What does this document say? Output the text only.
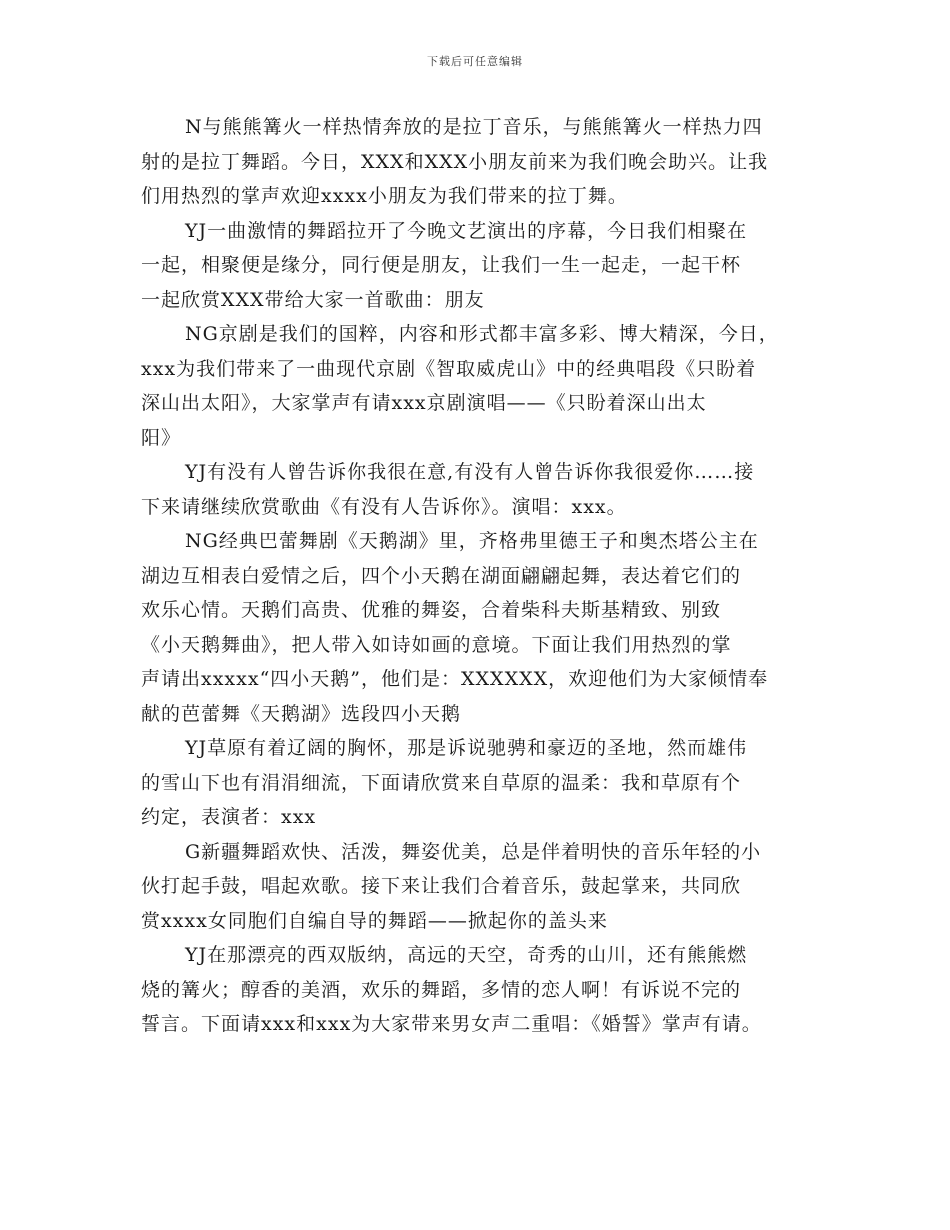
下载后可任意编辑

N与熊熊篝火一样热情奔放的是拉丁音乐，与熊熊篝火一样热力四
射的是拉丁舞蹈。今日，XXX和XXX小朋友前来为我们晚会助兴。让我
们用热烈的掌声欢迎xxxx小朋友为我们带来的拉丁舞。

YJ一曲激情的舞蹈拉开了今晚文艺演出的序幕，今日我们相聚在
一起，相聚便是缘分，同行便是朋友，让我们一生一起走，一起干杯
一起欣赏XXX带给大家一首歌曲：朋友

NG京剧是我们的国粹，内容和形式都丰富多彩、博大精深，今日，
xxx为我们带来了一曲现代京剧《智取威虎山》中的经典唱段《只盼着
深山出太阳》，大家掌声有请xxx京剧演唱——《只盼着深山出太
阳》

YJ有没有人曾告诉你我很在意,有没有人曾告诉你我很爱你……接
下来请继续欣赏歌曲《有没有人告诉你》。演唱：xxx。

NG经典巴蕾舞剧《天鹅湖》里，齐格弗里德王子和奥杰塔公主在
湖边互相表白爱情之后，四个小天鹅在湖面翩翩起舞，表达着它们的
欢乐心情。天鹅们高贵、优雅的舞姿，合着柴科夫斯基精致、别致
《小天鹅舞曲》，把人带入如诗如画的意境。下面让我们用热烈的掌
声请出xxxxx“四小天鹅”，他们是：XXXXXX，欢迎他们为大家倾情奉
献的芭蕾舞《天鹅湖》选段四小天鹅

YJ草原有着辽阔的胸怀，那是诉说驰骋和豪迈的圣地，然而雄伟
的雪山下也有涓涓细流，下面请欣赏来自草原的温柔：我和草原有个
约定，表演者：xxx

G新疆舞蹈欢快、活泼，舞姿优美，总是伴着明快的音乐年轻的小
伙打起手鼓，唱起欢歌。接下来让我们合着音乐，鼓起掌来，共同欣
赏xxxx女同胞们自编自导的舞蹈——掀起你的盖头来

YJ在那漂亮的西双版纳，高远的天空，奇秀的山川，还有熊熊燃
烧的篝火；醇香的美酒，欢乐的舞蹈，多情的恋人啊！有诉说不完的
誓言。下面请xxx和xxx为大家带来男女声二重唱：《婚誓》掌声有请。
